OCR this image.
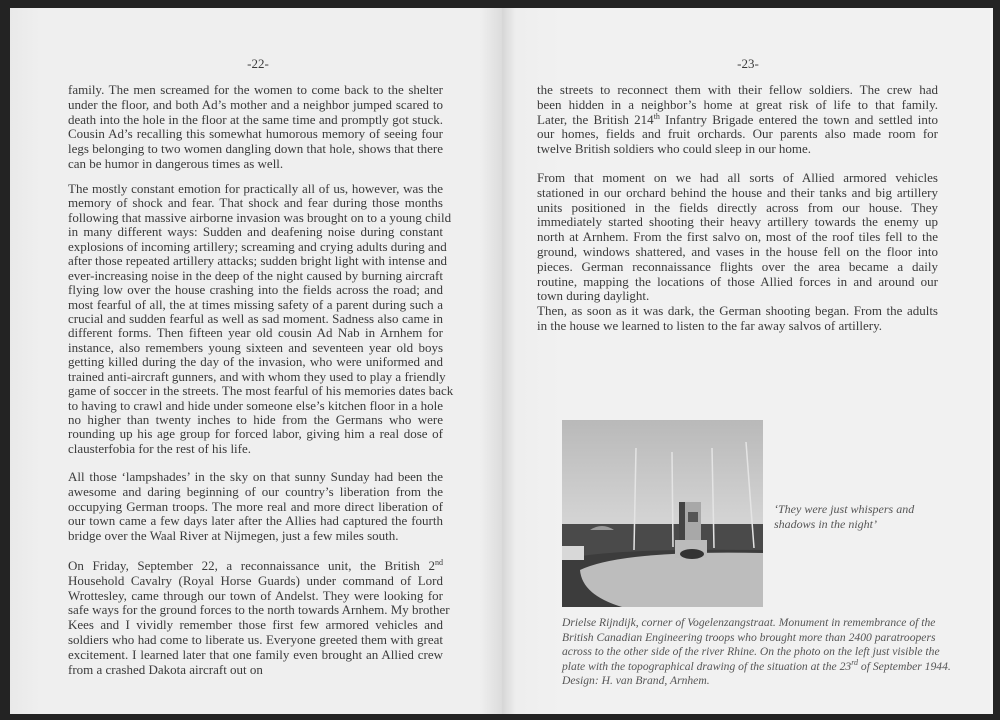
-22-
family. The men screamed for the women to come back to the shelter
under the floor, and both Ad’s mother and a neighbor jumped scared to
death into the hole in the floor at the same time and promptly got stuck.
Cousin Ad’s recalling this somewhat humorous memory of seeing four
legs belonging to two women dangling down that hole, shows that there
can be humor in dangerous times as well.
The mostly constant emotion for practically all of us, however, was the
memory of shock and fear. That shock and fear during those months
following that massive airborne invasion was brought on to a young child
in many different ways: Sudden and deafening noise during constant
explosions of incoming artillery; screaming and crying adults during and
after those repeated artillery attacks; sudden bright light with intense and
ever-increasing noise in the deep of the night caused by burning aircraft
flying low over the house crashing into the fields across the road; and
most fearful of all, the at times missing safety of a parent during such a
crucial and sudden fearful as well as sad moment. Sadness also came in
different forms. Then fifteen year old cousin Ad Nab in Arnhem for
instance, also remembers young sixteen and seventeen year old boys
getting killed during the day of the invasion, who were uniformed and
trained anti-aircraft gunners, and with whom they used to play a friendly
game of soccer in the streets. The most fearful of his memories dates back
to having to crawl and hide under someone else’s kitchen floor in a hole
no higher than twenty inches to hide from the Germans who were
rounding up his age group for forced labor, giving him a real dose of
clausterfobia for the rest of his life.
All those ‘lampshades’ in the sky on that sunny Sunday had been the
awesome and daring beginning of our country’s liberation from the
occupying German troops. The more real and more direct liberation of
our town came a few days later after the Allies had captured the fourth
bridge over the Waal River at Nijmegen, just a few miles south.
On Friday, September 22, a reconnaissance unit, the British 2nd
Household Cavalry (Royal Horse Guards) under command of Lord
Wrottesley, came through our town of Andelst. They were looking for
safe ways for the ground forces to the north towards Arnhem. My brother
Kees and I vividly remember those first few armored vehicles and
soldiers who had come to liberate us. Everyone greeted them with great
excitement. I learned later that one family even brought an Allied crew
from a crashed Dakota aircraft out on
-23-
the streets to reconnect them with their fellow soldiers. The crew had
been hidden in a neighbor’s home at great risk of life to that family.
Later, the British 214th Infantry Brigade entered the town and settled into
our homes, fields and fruit orchards. Our parents also made room for
twelve British soldiers who could sleep in our home.
From that moment on we had all sorts of Allied armored vehicles
stationed in our orchard behind the house and their tanks and big artillery
units positioned in the fields directly across from our house. They
immediately started shooting their heavy artillery towards the enemy up
north at Arnhem. From the first salvo on, most of the roof tiles fell to the
ground, windows shattered, and vases in the house fell on the floor into
pieces. German reconnaissance flights over the area became a daily
routine, mapping the locations of those Allied forces in and around our
town during daylight.
Then, as soon as it was dark, the German shooting began. From the adults
in the house we learned to listen to the far away salvos of artillery.
‘They were just whispers and
shadows in the night’
Drielse Rijndijk, corner of Vogelenzangstraat. Monument in remembrance of the
British Canadian Engineering troops who brought more than 2400 paratroopers
across to the other side of the river Rhine. On the photo on the left just visible the
plate with the topographical drawing of the situation at the 23rd of September 1944.
Design: H. van Brand, Arnhem.
